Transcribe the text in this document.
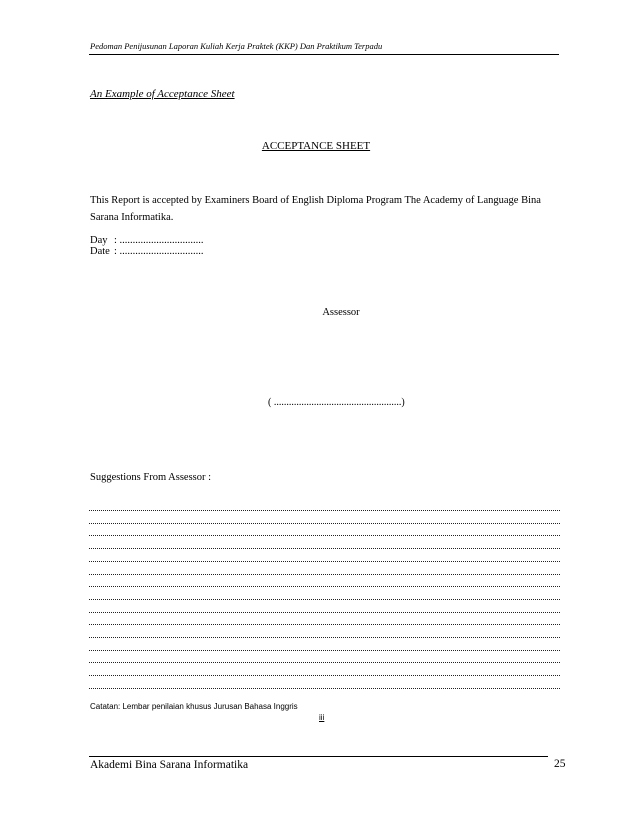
Pedoman Penijusunan Laporan Kuliah Kerja Praktek (KKP) Dan Praktikum Terpadu
An Example of Acceptance Sheet
ACCEPTANCE SHEET
This Report is accepted by Examiners Board of English Diploma Program The Academy of Language Bina Sarana Informatika.
Day : ................................
Date : ................................
Assessor
( ...................................................)
Suggestions From Assessor :
Catatan: Lembar penilaian khusus Jurusan Bahasa Inggris
iii
Akademi Bina Sarana Informatika	25
